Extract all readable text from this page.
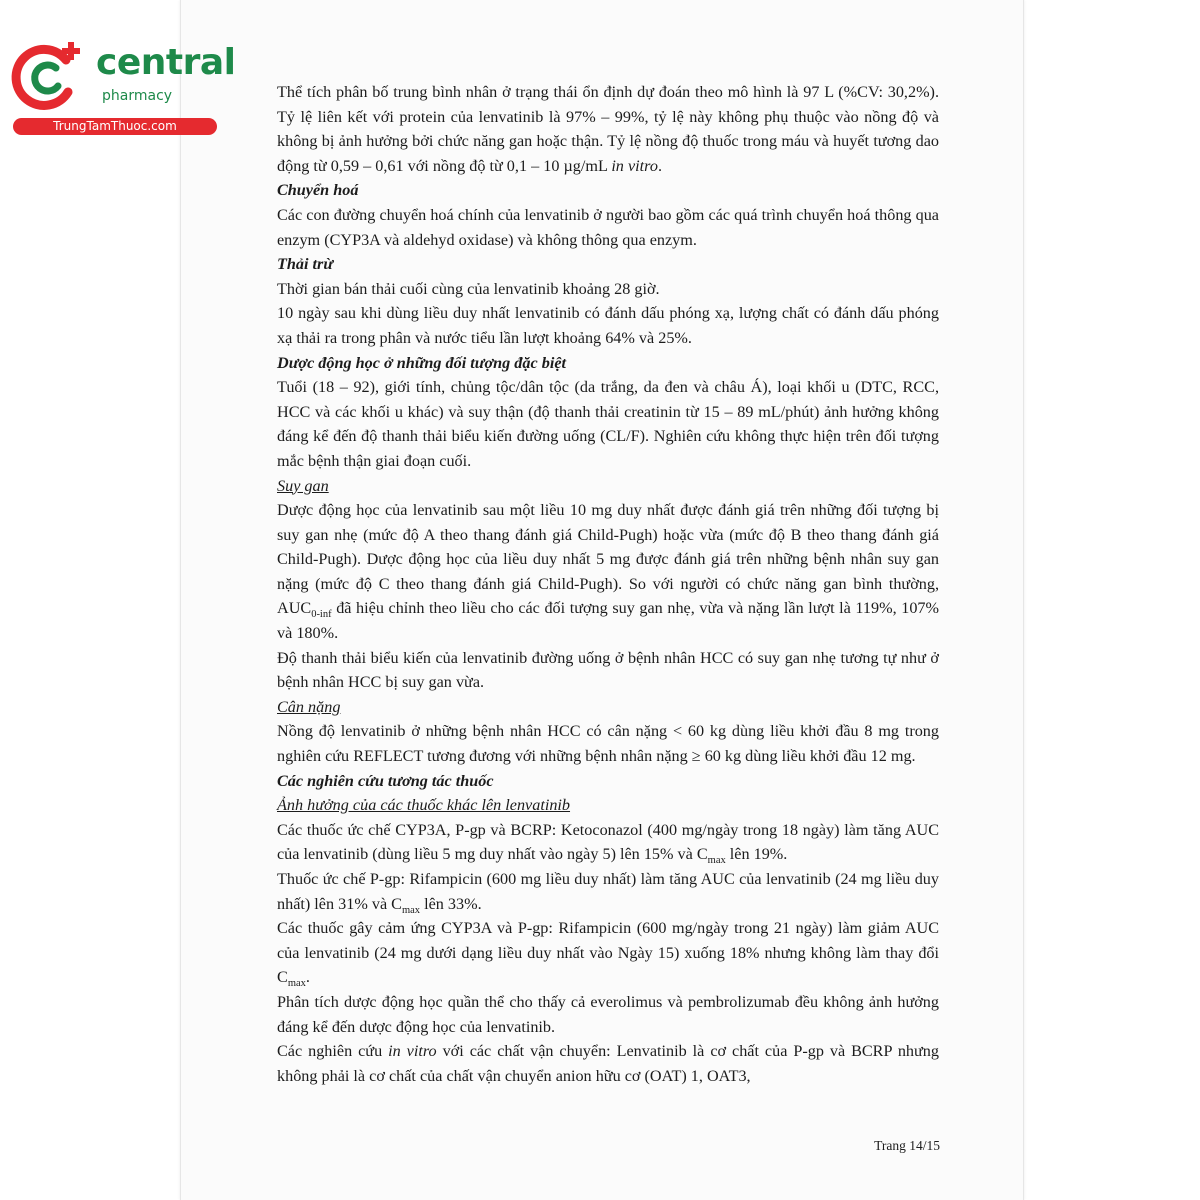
central
pharmacy
TrungTamThuoc.com

Thể tích phân bố trung bình nhân ở trạng thái ổn định dự đoán theo mô hình là 97 L (%CV: 30,2%). Tỷ lệ liên kết với protein của lenvatinib là 97% – 99%, tỷ lệ này không phụ thuộc vào nồng độ và không bị ảnh hưởng bởi chức năng gan hoặc thận. Tỷ lệ nồng độ thuốc trong máu và huyết tương dao động từ 0,59 – 0,61 với nồng độ từ 0,1 – 10 µg/mL in vitro.

Chuyển hoá

Các con đường chuyển hoá chính của lenvatinib ở người bao gồm các quá trình chuyển hoá thông qua enzym (CYP3A và aldehyd oxidase) và không thông qua enzym.

Thải trừ

Thời gian bán thải cuối cùng của lenvatinib khoảng 28 giờ.

10 ngày sau khi dùng liều duy nhất lenvatinib có đánh dấu phóng xạ, lượng chất có đánh dấu phóng xạ thải ra trong phân và nước tiểu lần lượt khoảng 64% và 25%.

Dược động học ở những đối tượng đặc biệt

Tuổi (18 – 92), giới tính, chủng tộc/dân tộc (da trắng, da đen và châu Á), loại khối u (DTC, RCC, HCC và các khối u khác) và suy thận (độ thanh thải creatinin từ 15 – 89 mL/phút) ảnh hưởng không đáng kể đến độ thanh thải biểu kiến đường uống (CL/F). Nghiên cứu không thực hiện trên đối tượng mắc bệnh thận giai đoạn cuối.

Suy gan

Dược động học của lenvatinib sau một liều 10 mg duy nhất được đánh giá trên những đối tượng bị suy gan nhẹ (mức độ A theo thang đánh giá Child-Pugh) hoặc vừa (mức độ B theo thang đánh giá Child-Pugh). Dược động học của liều duy nhất 5 mg được đánh giá trên những bệnh nhân suy gan nặng (mức độ C theo thang đánh giá Child-Pugh). So với người có chức năng gan bình thường, $AUC_{0-inf}$ đã hiệu chỉnh theo liều cho các đối tượng suy gan nhẹ, vừa và nặng lần lượt là 119%, 107% và 180%.

Độ thanh thải biểu kiến của lenvatinib đường uống ở bệnh nhân HCC có suy gan nhẹ tương tự như ở bệnh nhân HCC bị suy gan vừa.

Cân nặng

Nồng độ lenvatinib ở những bệnh nhân HCC có cân nặng < 60 kg dùng liều khởi đầu 8 mg trong nghiên cứu REFLECT tương đương với những bệnh nhân nặng ≥ 60 kg dùng liều khởi đầu 12 mg.

Các nghiên cứu tương tác thuốc

Ảnh hưởng của các thuốc khác lên lenvatinib

Các thuốc ức chế CYP3A, P-gp và BCRP: Ketoconazol (400 mg/ngày trong 18 ngày) làm tăng AUC của lenvatinib (dùng liều 5 mg duy nhất vào ngày 5) lên 15% và $C_{max}$ lên 19%.

Thuốc ức chế P-gp: Rifampicin (600 mg liều duy nhất) làm tăng AUC của lenvatinib (24 mg liều duy nhất) lên 31% và $C_{max}$ lên 33%.

Các thuốc gây cảm ứng CYP3A và P-gp: Rifampicin (600 mg/ngày trong 21 ngày) làm giảm AUC của lenvatinib (24 mg dưới dạng liều duy nhất vào Ngày 15) xuống 18% nhưng không làm thay đổi $C_{max}$.

Phân tích dược động học quần thể cho thấy cả everolimus và pembrolizumab đều không ảnh hưởng đáng kể đến dược động học của lenvatinib.

Các nghiên cứu in vitro với các chất vận chuyển: Lenvatinib là cơ chất của P-gp và BCRP nhưng không phải là cơ chất của chất vận chuyển anion hữu cơ (OAT) 1, OAT3,

Trang 14/15
